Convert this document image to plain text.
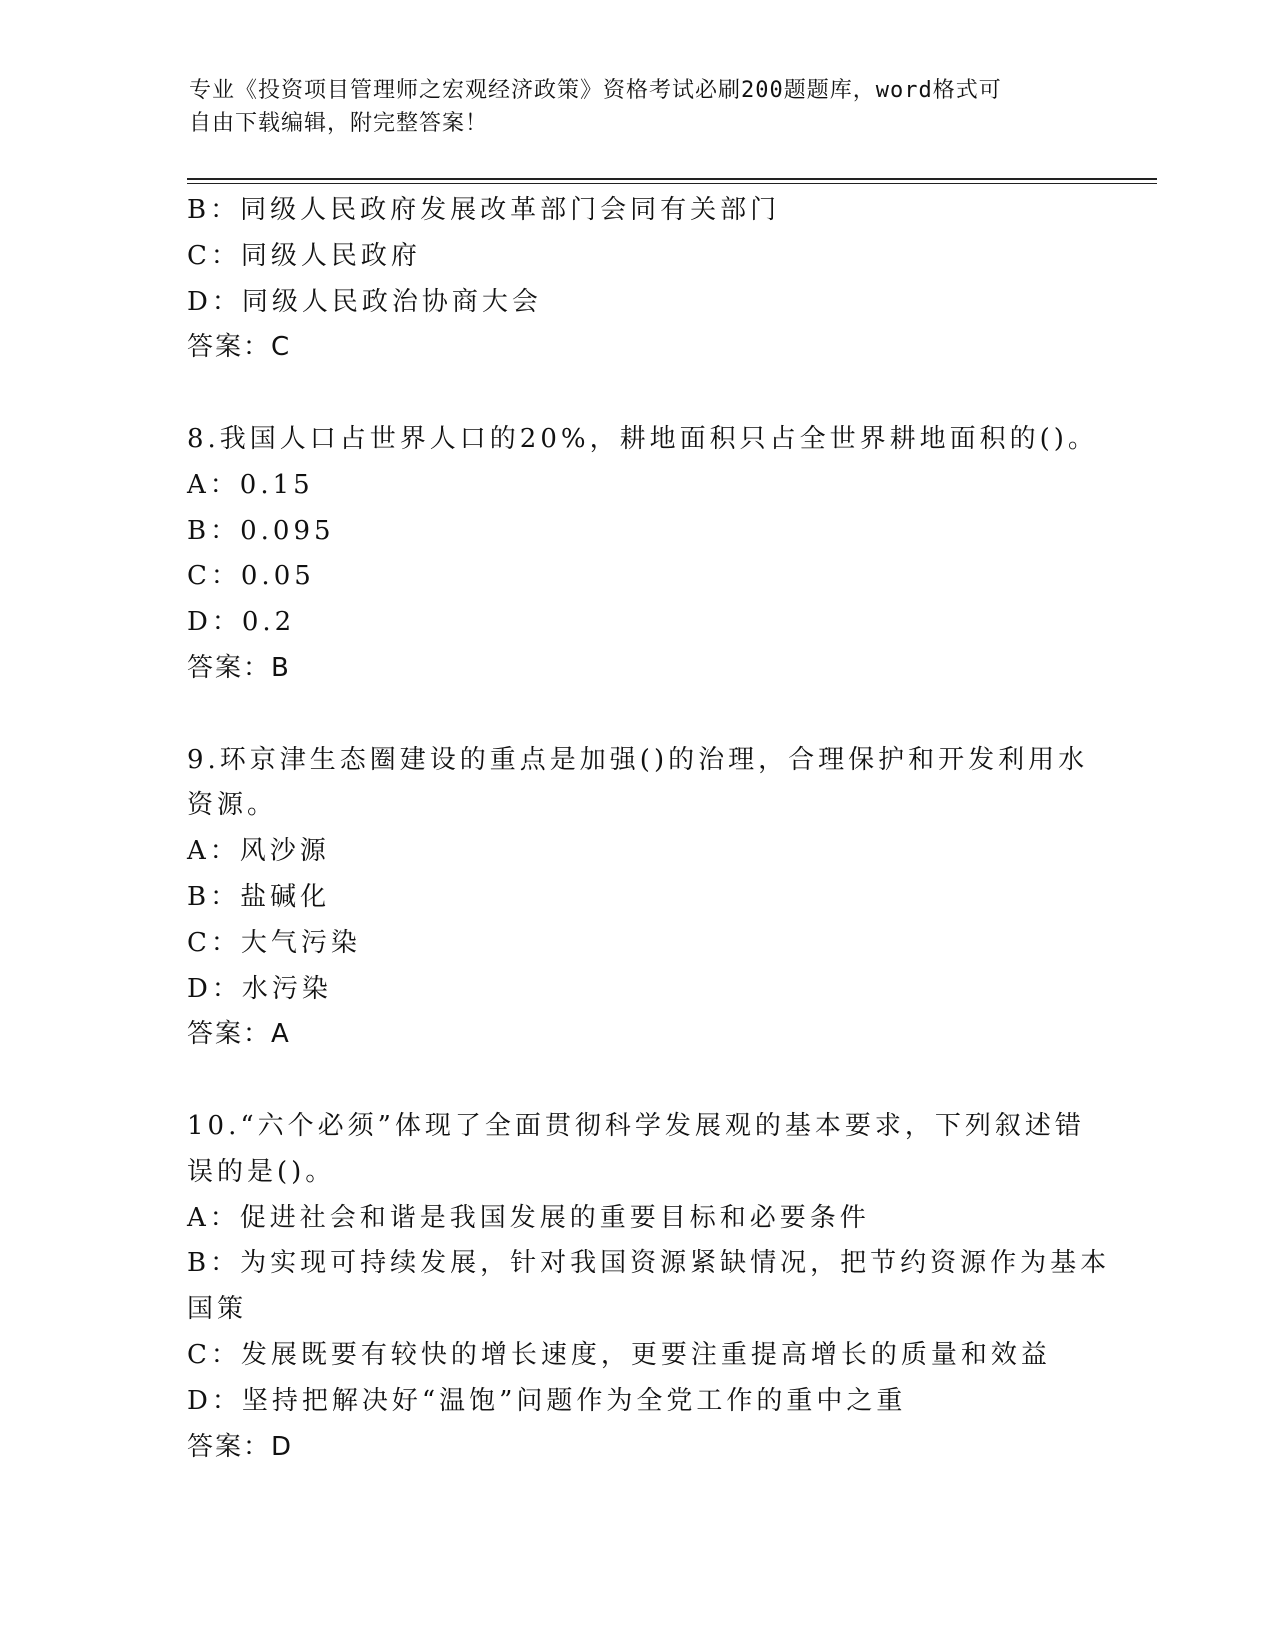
专业《投资项目管理师之宏观经济政策》资格考试必刷200题题库，word格式可
自由下载编辑，附完整答案！
B：同级人民政府发展改革部门会同有关部门
C：同级人民政府
D：同级人民政治协商大会
答案：C
8.我国人口占世界人口的20%，耕地面积只占全世界耕地面积的()。
A：0.15
B：0.095
C：0.05
D：0.2
答案：B
9.环京津生态圈建设的重点是加强()的治理，合理保护和开发利用水
资源。
A：风沙源
B：盐碱化
C：大气污染
D：水污染
答案：A
10.“六个必须”体现了全面贯彻科学发展观的基本要求，下列叙述错
误的是()。
A：促进社会和谐是我国发展的重要目标和必要条件
B：为实现可持续发展，针对我国资源紧缺情况，把节约资源作为基本
国策
C：发展既要有较快的增长速度，更要注重提高增长的质量和效益
D：坚持把解决好“温饱”问题作为全党工作的重中之重
答案：D
